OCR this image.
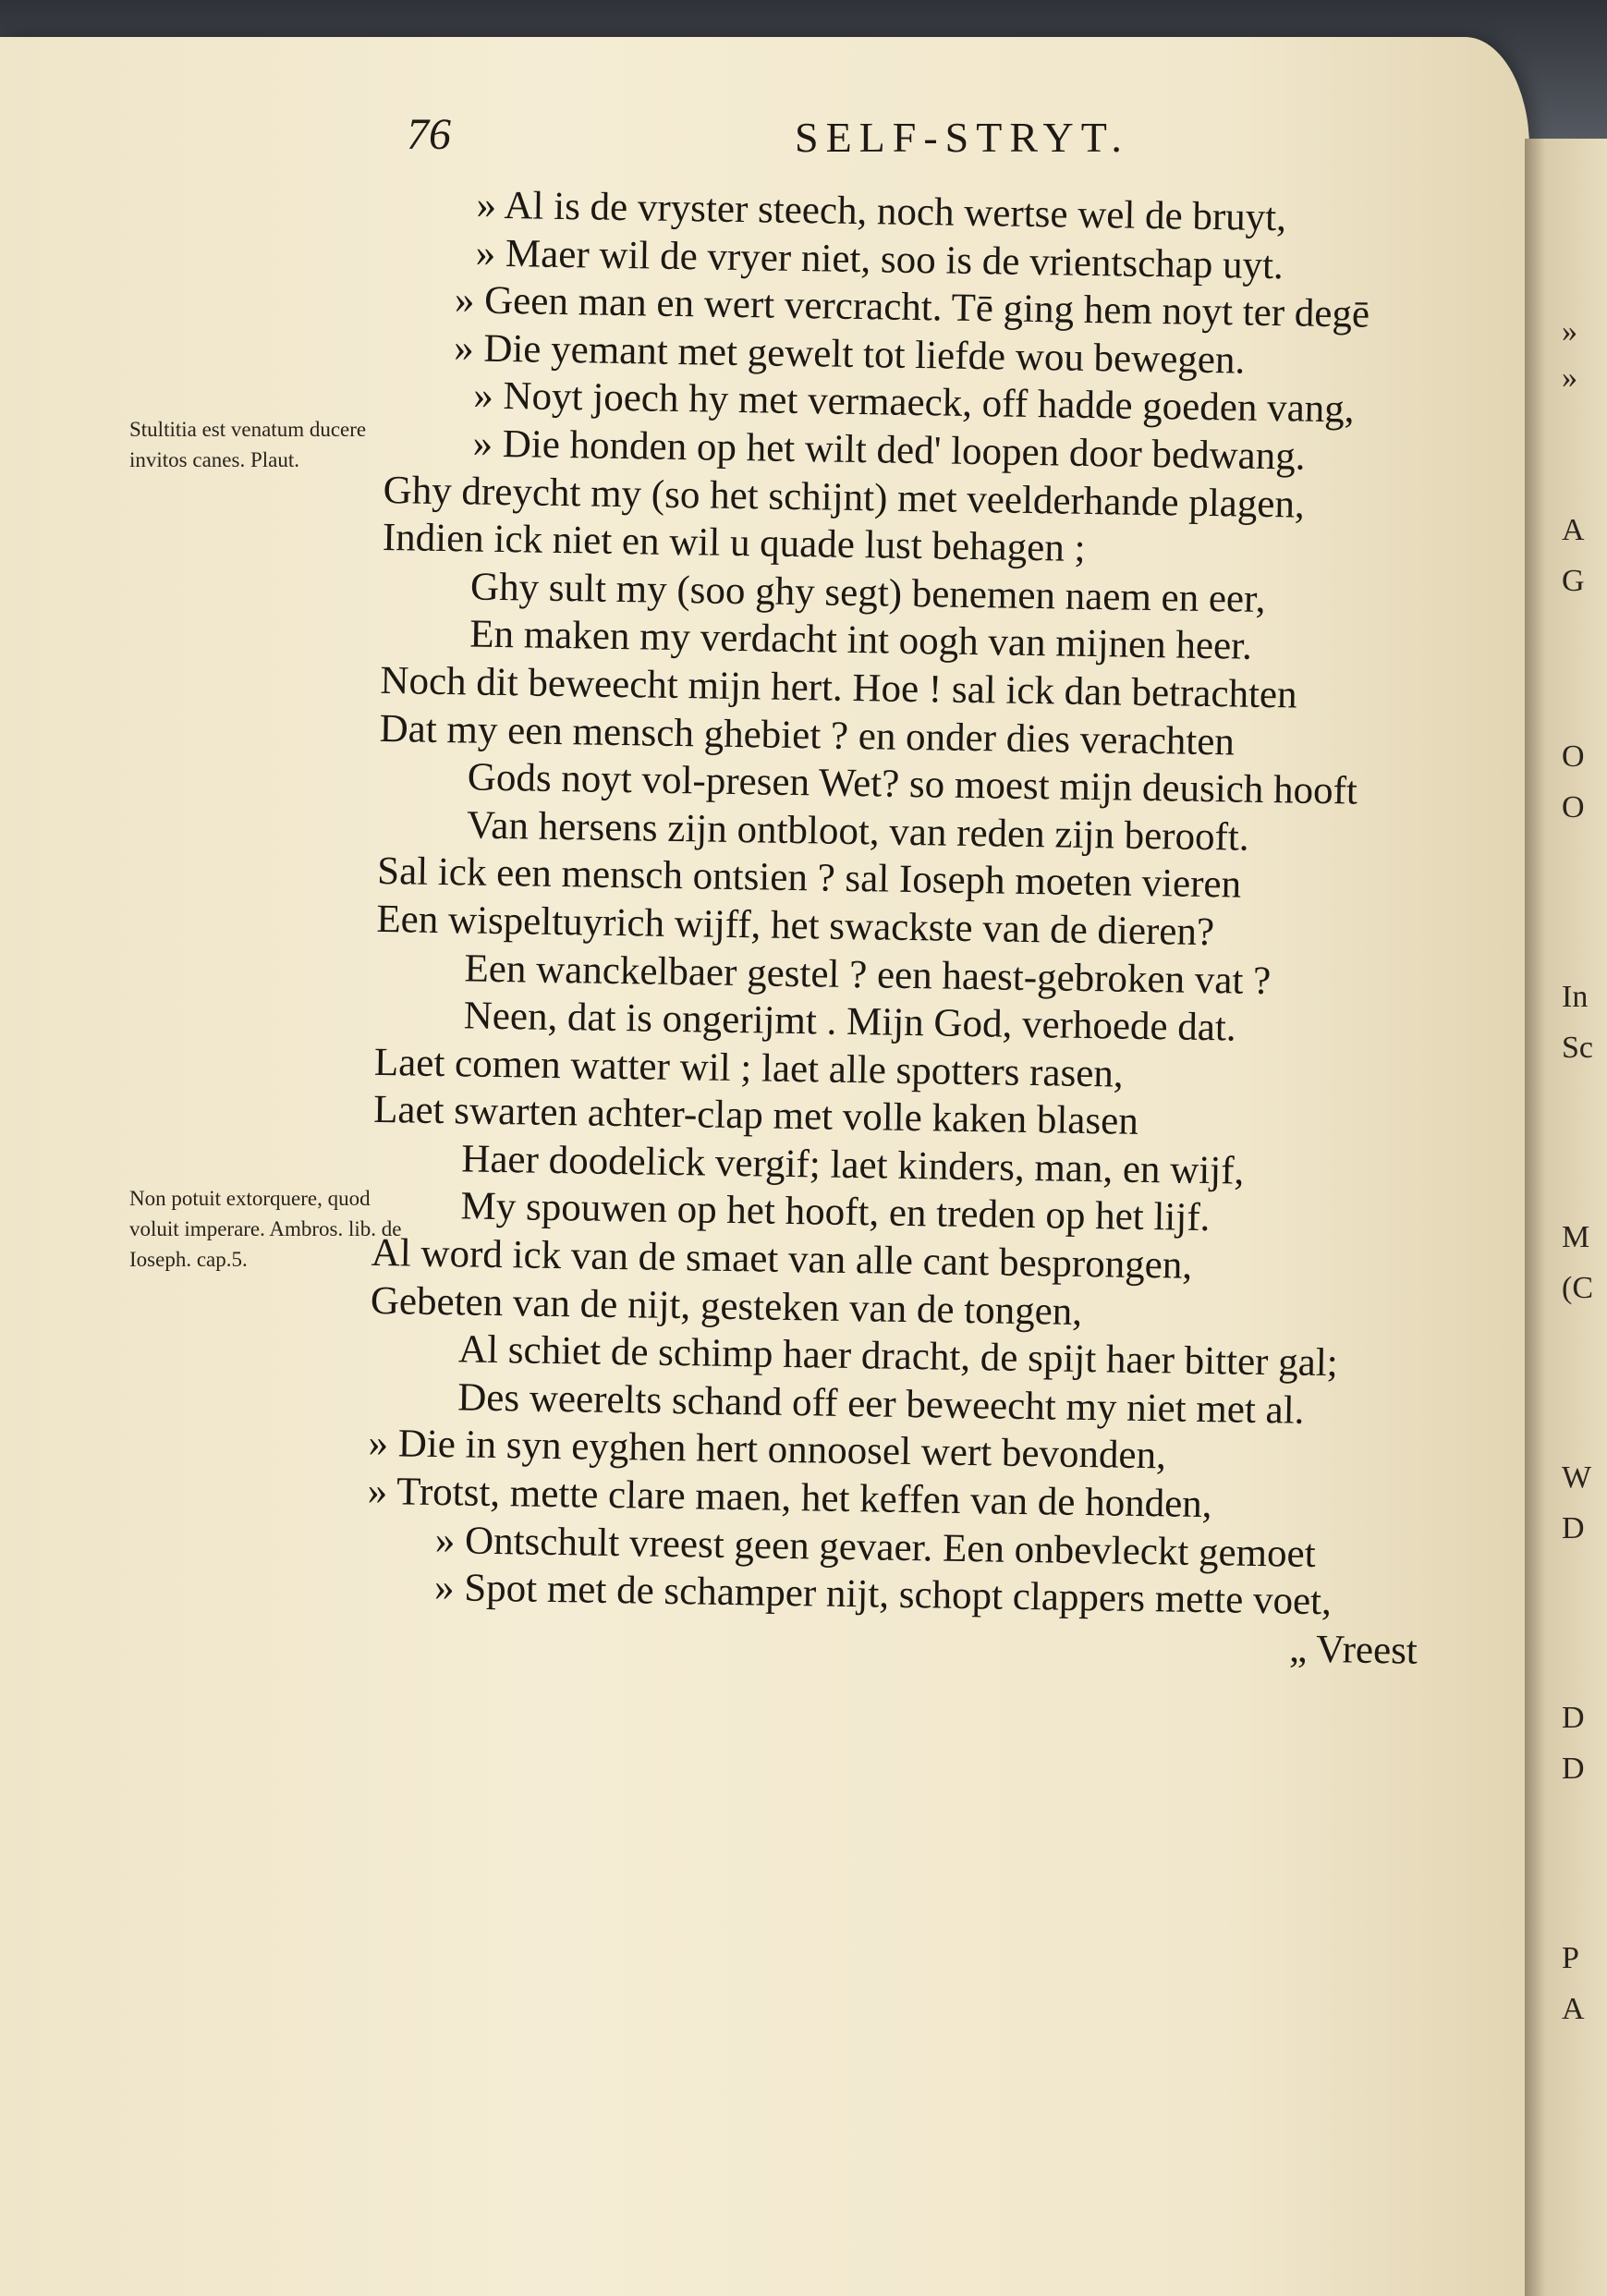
»
»
A
G
O
O
In
Sc
M
(C
W
D
D
D
P
A
76	SELF-STRYT.
Stultitia est venatum ducere invitos canes. Plaut.
Non potuit extorquere, quod voluit imperare. Ambros. lib. de Ioseph. cap.5.
» Al is de vryster steech, noch wertse wel de bruyt,
» Maer wil de vryer niet, soo is de vrientschap uyt.
» Geen man en wert vercracht. Tē ging hem noyt ter degē
» Die yemant met gewelt tot liefde wou bewegen.
» Noyt joech hy met vermaeck, off hadde goeden vang,
» Die honden op het wilt ded' loopen door bedwang.
Ghy dreycht my (so het schijnt) met veelderhande plagen,
Indien ick niet en wil u quade lust behagen ;
Ghy sult my (soo ghy segt) benemen naem en eer,
En maken my verdacht int oogh van mijnen heer.
Noch dit beweecht mijn hert. Hoe ! sal ick dan betrachten
Dat my een mensch ghebiet ? en onder dies verachten
Gods noyt vol-presen Wet? so moest mijn deusich hooft
Van hersens zijn ontbloot, van reden zijn berooft.
Sal ick een mensch ontsien ? sal Ioseph moeten vieren
Een wispeltuyrich wijff, het swackste van de dieren?
Een wanckelbaer gestel ? een haest-gebroken vat ?
Neen, dat is ongerijmt . Mijn God, verhoede dat.
Laet comen watter wil ; laet alle spotters rasen,
Laet swarten achter-clap met volle kaken blasen
Haer doodelick vergif; laet kinders, man, en wijf,
My spouwen op het hooft, en treden op het lijf.
Al word ick van de smaet van alle cant besprongen,
Gebeten van de nijt, gesteken van de tongen,
Al schiet de schimp haer dracht, de spijt haer bitter gal;
Des weerelts schand off eer beweecht my niet met al.
» Die in syn eyghen hert onnoosel wert bevonden,
» Trotst, mette clare maen, het keffen van de honden,
» Ontschult vreest geen gevaer. Een onbevleckt gemoet
» Spot met de schamper nijt, schopt clappers mette voet,
„ Vreest
